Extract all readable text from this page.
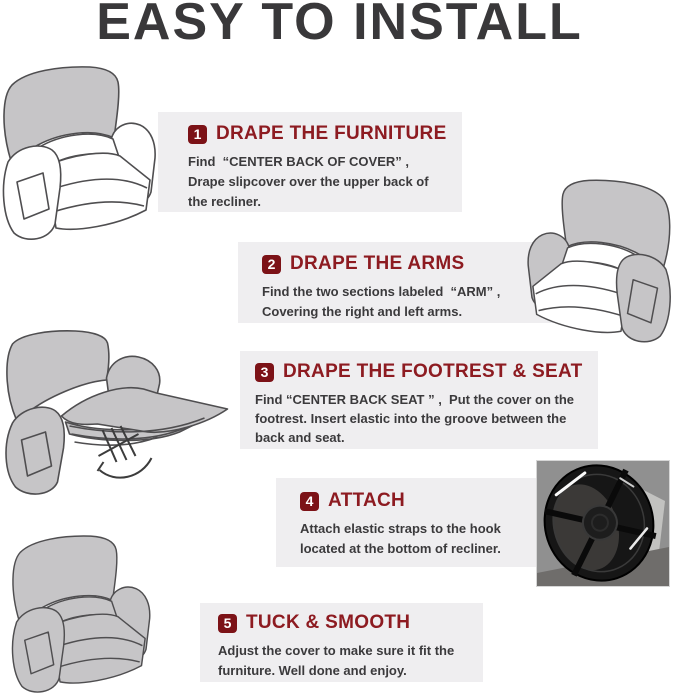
EASY TO INSTALL
1 DRAPE THE FURNITURE
Find  “CENTER BACK OF COVER” ,
Drape slipcover over the upper back of
the recliner.
2 DRAPE THE ARMS
Find the two sections labeled  “ARM” ,
Covering the right and left arms.
3 DRAPE THE FOOTREST & SEAT
Find “CENTER BACK SEAT ” ,  Put the cover on the
footrest. Insert elastic into the groove between the
back and seat.
4 ATTACH
Attach elastic straps to the hook
located at the bottom of recliner.
5 TUCK & SMOOTH
Adjust the cover to make sure it fit the
furniture. Well done and enjoy.
